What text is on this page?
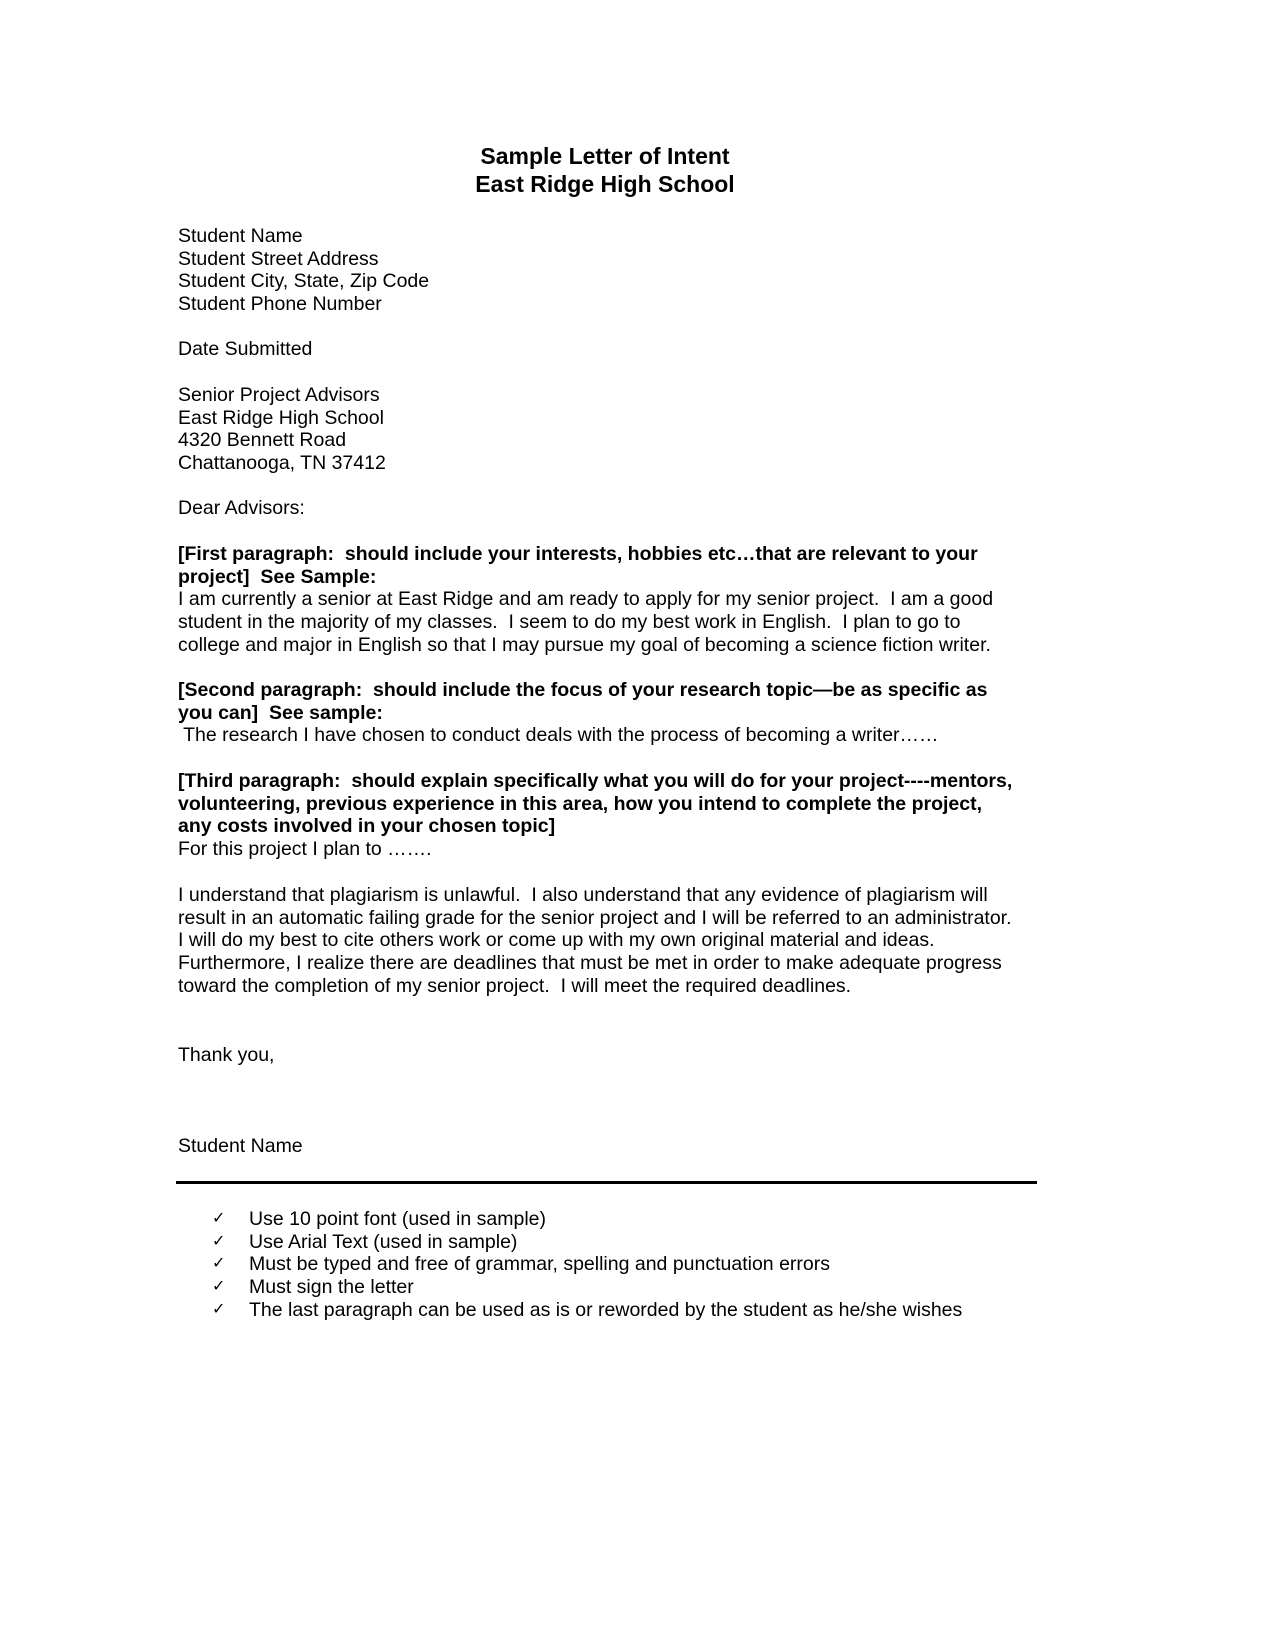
Sample Letter of Intent
East Ridge High School
Student Name
Student Street Address
Student City, State, Zip Code
Student Phone Number
Date Submitted
Senior Project Advisors
East Ridge High School
4320 Bennett Road
Chattanooga, TN 37412
Dear Advisors:
[First paragraph:  should include your interests, hobbies etc…that are relevant to your
project]  See Sample:
I am currently a senior at East Ridge and am ready to apply for my senior project.  I am a good
student in the majority of my classes.  I seem to do my best work in English.  I plan to go to
college and major in English so that I may pursue my goal of becoming a science fiction writer.
[Second paragraph:  should include the focus of your research topic—be as specific as
you can]  See sample:
The research I have chosen to conduct deals with the process of becoming a writer……
[Third paragraph:  should explain specifically what you will do for your project----mentors,
volunteering, previous experience in this area, how you intend to complete the project,
any costs involved in your chosen topic]
For this project I plan to …….
I understand that plagiarism is unlawful.  I also understand that any evidence of plagiarism will
result in an automatic failing grade for the senior project and I will be referred to an administrator.
I will do my best to cite others work or come up with my own original material and ideas.
Furthermore, I realize there are deadlines that must be met in order to make adequate progress
toward the completion of my senior project.  I will meet the required deadlines.
Thank you,
Student Name
✓	Use 10 point font (used in sample)
✓	Use Arial Text (used in sample)
✓	Must be typed and free of grammar, spelling and punctuation errors
✓	Must sign the letter
✓	The last paragraph can be used as is or reworded by the student as he/she wishes
